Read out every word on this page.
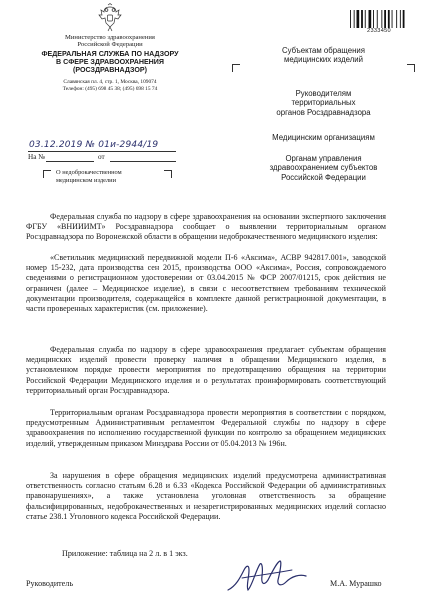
Министерство здравоохранения
Российской Федерации
ФЕДЕРАЛЬНАЯ СЛУЖБА ПО НАДЗОРУ
В СФЕРЕ ЗДРАВООХРАНЕНИЯ
(РОСЗДРАВНАДЗОР)
Славянская пл. 4, стр. 1, Москва, 109074
Телефон: (495) 698 45 38; (495) 698 15 74
2333450
Субъектам обращения
медицинских изделий
Руководителям
территориальных
органов Росздравнадзора
Медицинским организациям
Органам управления
здравоохранением субъектов
Российской Федерации
03.12.2019 № 01и-2944/19
На №	от
О недоброкачественном
медицинском изделии

Федеральная служба по надзору в сфере здравоохранения на основании экспертного заключения ФГБУ «ВНИИИМТ» Росздравнадзора сообщает о выявлении территориальным органом Росздравнадзора по Воронежской области в обращении недоброкачественного медицинского изделия:

«Светильник медицинский передвижной модели П-6 «Аксима», АСВР 942817.001», заводской номер 15-232, дата производства сен 2015, производства ООО «Аксима», Россия, сопровождаемого сведениями о регистрационном удостоверении от 03.04.2015 № ФСР 2007/01215, срок действия не ограничен (далее – Медицинское изделие), в связи с несоответствием требованиям технической документации производителя, содержащейся в комплекте данной регистрационной документации, в части проверенных характеристик (см. приложение).

Федеральная служба по надзору в сфере здравоохранения предлагает субъектам обращения медицинских изделий провести проверку наличия в обращении Медицинского изделия, в установленном порядке провести мероприятия по предотвращению обращения на территории Российской Федерации Медицинского изделия и о результатах проинформировать соответствующий территориальный орган Росздравнадзора.

Территориальным органам Росздравнадзора провести мероприятия в соответствии с порядком, предусмотренным Административным регламентом Федеральной службы по надзору в сфере здравоохранения по исполнению государственной функции по контролю за обращением медицинских изделий, утвержденным приказом Минздрава России от 05.04.2013 № 196н.

За нарушения в сфере обращения медицинских изделий предусмотрена административная ответственность согласно статьям 6.28 и 6.33 «Кодекса Российской Федерации об административных правонарушениях», а также установлена уголовная ответственность за обращение фальсифицированных, недоброкачественных и незарегистрированных медицинских изделий согласно статье 238.1 Уголовного кодекса Российской Федерации.

Приложение: таблица на 2 л. в 1 экз.
Руководитель	М.А. Мурашко
